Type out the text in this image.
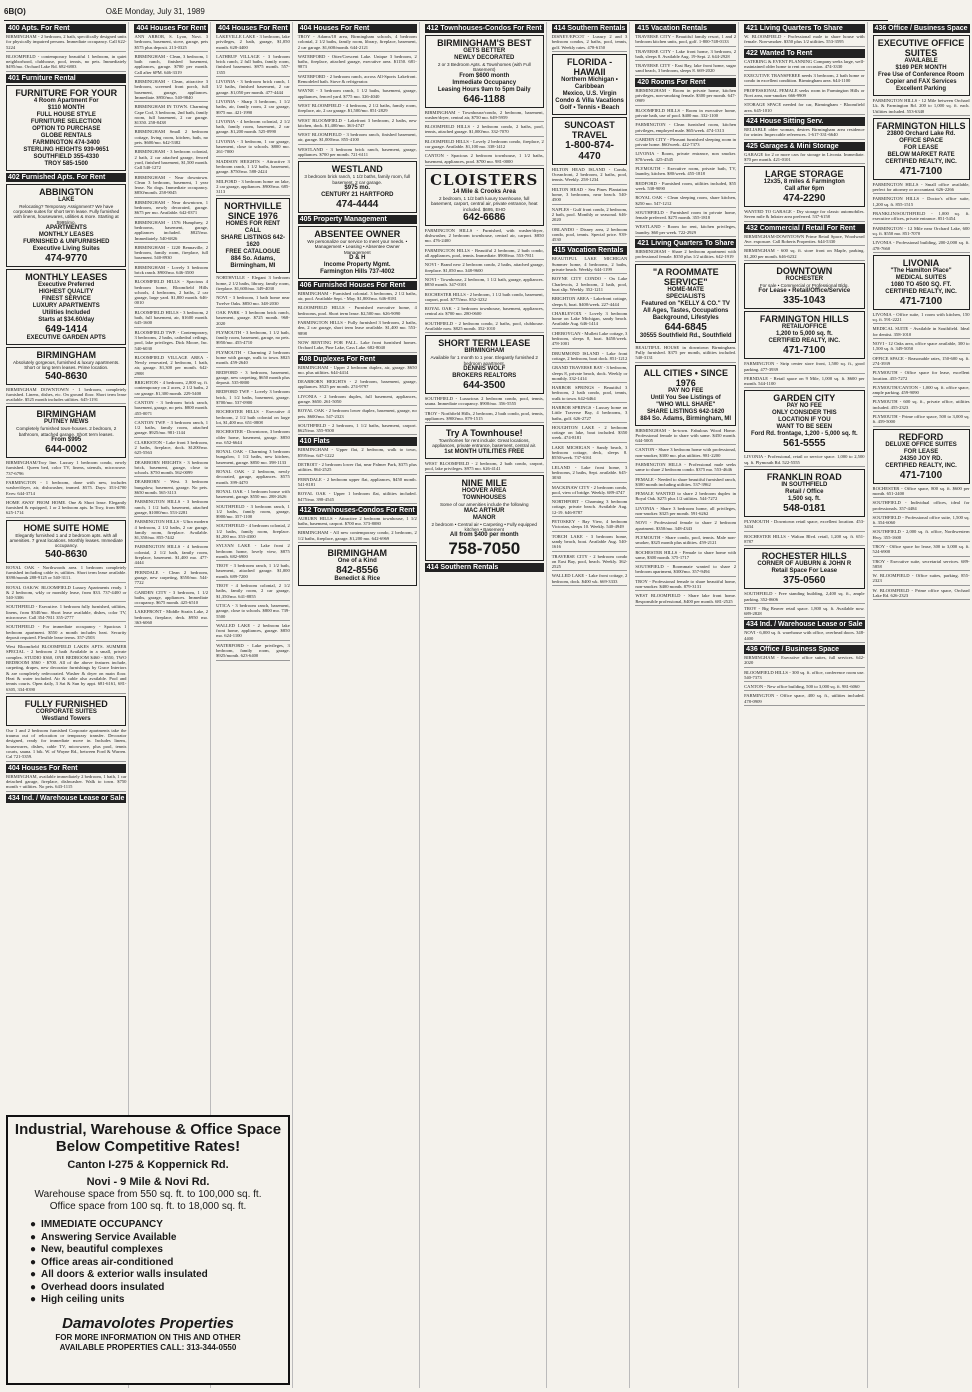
6B(O)	O&E Monday, July 31, 1989
400 Apts. For Rent
BIRMINGHAM - 2 bedroom, 2 bath, specifically designed units for physically impaired persons. Immediate occupancy. Call 622-5224
BLOOMFIELD - contemporary beautiful 1 bedroom, in quiet neighborhood, clubhouse, pool, tennis, no pets. Immediately $495/mo. Orchard Lake Rd. 682-6803
401 Furniture Rental
FURNITURE FOR YOUR
4 Room Apartment For
$110 MONTH
FULL HOUSE STYLE
FURNITURE SELECTION
OPTION TO PURCHASE
GLOBE RENTALS
FARMINGTON 474-3400
STERLING HEIGHTS 939-9651
SOUTHFIELD 355-4330
TROY 585-1500
402 Furnished Apts. For Rent
ABBINGTON
LAKE
Relocating? Temporary Assignment? We have corporate suites for short term lease. Fully furnished with linens, housewares, utilities & more. Starting at $995/mo.
APARTMENTS
MONTHLY LEASES
FURNISHED & UNFURNISHED
Executive Living Suites
474-9770
MONTHLY LEASES
Executive Preferred
HIGHEST QUALITY
FINEST SERVICE
LUXURY APARTMENTS
Utilities Included
Starts at $34.60/day
649-1414
EXECUTIVE GARDEN APTS
BIRMINGHAM
Absolutely gorgeous, furnished & luxury apartments. Short or long term leases. Prime location.
540-8630
BIRMINGHAM DOWNTOWN - 1 bedroom, completely furnished. Linens, dishes, etc. On ground floor. Short term lease available. $525 month includes utilities. 645-1191
BIRMINGHAM
PUTNEY MEWS
Completely furnished town-houses. 2 bedroom, 2 bathroom, attached garage. Short term leases.
From $995
644-0002
BIRMINGHAM/Troy line. Luxury 1 bedroom condo, newly furnished. Queen bed, color TV, linens, utensils, microwave. 737-6796
FARMINGTON - 1 bedroom, done with new, includes washer/dryer, air, dishwasher, immed. $575. Days: 353-4700 Eves: 644-3714
HOME AWAY FROM HOME. One & Short lease. Elegantly furnished & equipped, 1 or 2 bedroom apts. In Troy, from $890. 625-1714
HOME SUITE HOME
Elegantly furnished 1 and 2 bedroom apts. with all amenities. 7 great locations. Monthly leases. Immediate occupancy.
540-8630
ROYAL OAK - Northwoods area. 1 bedroom completely furnished including cable tv, utilities. Short term lease available. $390/month 288-9125 or 540-3111.
ROYAL OAK/W. BLOOMFIELD Luxury Apartments ready. 1 & 2 bedroom, wkly or monthly lease, from $33. 737-4400 or 540-3306
SOUTHFIELD - Executive. 1 bedroom fully furnished, utilities, linens, from $540/mo. Short lease available, dishes, color TV, microwave. Call 354-7811 355-2777
SOUTHFIELD - For immediate occupancy - Spacious 1 bedroom apartment. $550 a month includes heat. Security deposit required. Flexible lease terms. 357-2503
West Bloomfield BLOOMFIELD LAKES APTS. SUMMER SPECIAL - 2 bedroom 2 bath Available in a small, private complex. STUDIO $360, ONE BEDROOM $460 - $550, TWO BEDROOM $560 - $700. All of the above features include, carpeting, drapes, new decorator furnishings by Grace Interiors & are completely redecorated. Washer & dryer on main floor. Heat & water included. Air & cable also available. Pool and tennis courts. Open daily, 3 Sat & Sun by appt. 681-6161, 681-6305, 334-8390
FULLY FURNISHED
CORPORATE SUITES
Westland Towers
Our 1 and 2 bedroom furnished Corporate apartments take the trauma out of relocation or temporary transfer. Decorator designed, ready for immediate move in. Includes linens, housewares, dishes, cable TV, microwave, plus pool, tennis courts, sauna. 1 bik. W. of Wayne Rd., between Ford & Warren. Cal 721-5359.
404 Houses For Rent
BIRMINGHAM, available immediately 2 bedroom, 1 bath, 1 car detached garage, fireplace, dishwasher. Walk to town. $750 month + utilities. No pets. 643-1115
434 Ind. / Warehouse Lease or Sale
404 Houses For Rent
ANN ARBOR, S. Lyon, Novi. 3 bedroom, basement, stove, garage, pets $575 plus deposit. 213-0325
BIRMINGHAM - Clean, 3 bedroom, 1 bath ranch, finished basement, appliances, garage. $700 per month. Call after 6PM. 646-3319
BIRMINGHAM - Clean, attractive 3 bedroom, screened front porch, full basement, garage, appliances. Immediate. $950/mo. 540-9840
BIRMINGHAM IN TOWN. Charming Cape Cod, 3 bedroom, 2nd bath, family room, full basement, 2 car garage. $1350. 258-8438
BIRMINGHAM Small 2 bedroom cottage, living room, kitchen, bath, no pets. $600/mo. 642-5382
BIRMINGHAM - 3 bedroom colonial, 2 bath, 2 car attached garage, fenced yard, finished basement, $1,500 month. Call 540-1272
BIRMINGHAM - Near downtown. Clean 3 bedroom, basement, 1 year lease. No dogs. Immediate occupancy. $850/month. 258-9045
BIRMINGHAM - Near downtown, 1 bedroom, newly decorated, garage. $675 per mo. Available. 642-0371
BIRMINGHAM - 1576 Humphrey, 2 bedrooms, basement, garage, appliances included. $825/mo. Immediately. 540-6826
BIRMINGHAM - 1220 Bennaville, 2 bedroom, family room, fireplace, full basement. 540-8930
BIRMINGHAM - Lovely 3 bedroom brick ranch. $900/mo. 646-3500
BLOOMFIELD HILLS - Spacious 4 bedroom home, Bloomfield Hills schools, 4 bedrooms, 2 baths, 2 car garage, large yard. $1,800 month. 646-0010
BLOOMFIELD HILLS - 3 bedroom, 2 bath, full basement, air, $1600 month. 645-1600
BLOOMFIELD TWP. - Contemporary, 3 bedrooms, 2 baths, cathedral ceilings, pool, lake privileges. Dick Moore, Inc. 540-6030
BLOOMFIELD VILLAGE AREA - Newly renovated, 2 bedroom, 1 bath, air, garage. $1,300 per month. 642-2988
BRIGHTON - 4 bedroom, 2,800 sq. ft. contemporary on 2 acres, 2 1/2 baths, 2 car garage. $1,300 month. 229-5400
CANTON - 3 bedroom brick ranch, basement, garage, no pets. $800 month. 455-0071
CANTON TWP. - 3 bedroom ranch, 1 1/2 baths, family room, attached garage. $925/mo. 981-1144
CLARKSTON - Lake front 3 bedroom, 2 baths, fireplace, dock. $1200/mo. 625-5563
DEARBORN HEIGHTS - 3 bedroom brick, basement, garage, close to schools. $750 month. 562-0099
DEARBORN - West. 3 bedroom bungalow, basement, garage. No pets. $650 month. 565-3113
FARMINGTON HILLS - 3 bedroom ranch, 1 1/2 bath, basement, attached garage, $1000/mo. 553-2281
FARMINGTON HILLS - Ultra modern 4 bedroom, 2 1/2 baths, 2 car garage, family room, fireplace. Available. $1,350/mo. 855-7442
FARMINGTON HILLS - 4 bedroom colonial, 2 1/2 bath, family room, fireplace, basement. $1,400 mo. 477-4444
FERNDALE - Clean 2 bedroom, garage, new carpeting, $550/mo. 544-7722
GARDEN CITY - 3 bedroom, 1 1/2 baths, garage, appliances. Immediate occupancy. $675 month. 425-6510
LAKEFRONT - Middle Straits Lake, 2 bedroom, fireplace, deck. $950 mo. 363-6060
404 Houses For Rent
LAKEVILLE LAKE - 3 bedroom, lake privileges, 2 bath, garage, $1,050 month. 628-4400
LATHRUP VILLAGE - 3 bedroom brick ranch, 2 full baths, family room, finished basement. $975 month. 557-1355
LIVONIA - 3 bedroom brick ranch, 1 1/2 baths, finished basement, 2 car garage. $1,050 per month. 477-4444
LIVONIA - Sharp 3 bedroom, 1 1/2 baths, air, family room, 2 car garage, $975 mo. 421-1990
LIVONIA - 4 bedroom colonial, 2 1/2 bath, family room, basement, 2 car garage. $1,200 month. 525-0990
LIVONIA - 3 bedroom, 1 car garage, basement, close to schools. $800 mo. 261-7000
MADISON HEIGHTS - Attractive 3 bedroom ranch, 1 1/2 baths, basement, garage. $750/mo. 588-2424
MILFORD - 3 bedroom home on lake, 2 car garage, appliances. $900/mo. 685-3113
NORTHVILLE SINCE 1976
HOMES FOR RENT
CALL
SHARE LISTINGS 642-1620
FREE CATALOGUE
884 So. Adams, Birmingham, MI
NORTHVILLE - Elegant 3 bedroom home, 2 1/2 baths, library, family room, fireplace. $1,600/mo. 349-4030
NOVI - 3 bedroom, 1 bath home near Twelve Oaks. $850 mo. 348-2030
OAK PARK - 3 bedroom brick ranch, basement, garage. $725 month. 968-2020
PLYMOUTH - 3 bedroom, 1 1/2 bath, family room, basement, garage, no pets. $950/mo. 455-4710
PLYMOUTH - Charming 2 bedroom home with garage, walk to town. $825 month. 459-2640
REDFORD - 3 bedroom, basement, garage, new carpeting, $650 month plus deposit. 535-8800
REDFORD TWP. - Lovely 3 bedroom brick, 1 1/2 baths, basement, garage. $700/mo. 537-0900
ROCHESTER HILLS - Executive 4 bedroom, 2 1/2 bath colonial on large lot, $1,400 mo. 651-0808
ROCHESTER - Downtown, 3 bedroom older home, basement, garage. $850 mo. 652-6644
ROYAL OAK - Charming 3 bedroom bungalow, 1 1/2 baths, new kitchen, basement, garage. $850 mo. 398-1133
ROYAL OAK - 2 bedroom, newly decorated, garage, appliances. $575 month. 399-4470
ROYAL OAK - 1 bedroom house with basement, garage. $550 mo. 288-2626
SOUTHFIELD - 3 bedroom ranch, 1 1/2 baths, family room, garage, $900/mo. 357-1100
SOUTHFIELD - 4 bedroom colonial, 2 1/2 baths, family room, fireplace. $1,200 mo. 353-4300
SYLVAN LAKE - Lake front 2 bedroom home, lovely view, $875 month. 682-6900
TROY - 3 bedroom ranch, 1 1/2 bath, basement, attached garage. $1,000 month. 689-7200
TROY - 4 bedroom colonial, 2 1/2 baths, family room, 2 car garage, $1,350/mo. 641-8855
UTICA - 3 bedroom ranch, basement, garage, close to schools. $800 mo. 739-5500
WALLED LAKE - 2 bedroom lake front home, appliances, garage. $850 mo. 624-1100
WATERFORD - Lake privileges, 3 bedroom, family room, garage. $925/month. 623-6400
404 Houses For Rent
TROY - Adams/18 area, Birmingham schools, 4 bedroom colonial, 2 1/2 baths, family room, library, fireplace, basement, 2 car garage. $1,600/month. 644-2121
WATERFORD - Otter/Crescent Lake. Unique 3 bedroom, 2 baths, fireplace, attached garage, executive area. $1150. 681-9873
WATERFORD - 2 bedroom ranch, across All-Sports Lakefront. Remodeled bath. Stove & refrigerator.
WAYNE - 3 bedroom ranch, 1 1/2 baths, basement, garage, appliances, fenced yard. $775 mo. 326-4040
WEST BLOOMFIELD - 4 bedroom, 2 1/2 baths, family room, fireplace, air, 2 car garage. $1,500/mo. 851-2829
WEST BLOOMFIELD - Lakefront 3 bedroom, 2 baths, new kitchen, dock. $1,400/mo. 363-4747
WEST BLOOMFIELD - 3 bedroom ranch, finished basement, air, garage. $1,000/mo. 855-4100
WESTLAND - 3 bedroom brick ranch, basement, garage, appliances. $700 per month. 721-6111
WESTLAND
3 bedroom brick ranch, 1 1/2 baths, family room, full basement, 2 car garage.
$975 mo.
CENTURY 21 HARTFORD
474-4444
405 Property Management
ABSENTEE OWNER
We personalize our service to meet your needs. • Management • Leasing • Absentee Owner Management
D & H
Income Property Mgmt.
Farmington Hills 737-4002
406 Furnished Houses For Rent
BIRMINGHAM - Furnished colonial. 3 bedrooms, 2 1/2 baths, air, pool. Available Sept. - May. $1,800/mo. 646-8181
BLOOMFIELD HILLS - Furnished executive home, 4 bedrooms, pool. Short term lease. $2,500 mo. 626-9090
FARMINGTON HILLS - Fully furnished 3 bedroom, 2 baths, den, 2 car garage, short term lease available. $1,400 mo. 553-9898
NOW RENTING FOR FALL. Lake front furnished homes. Orchard Lake, Pine Lake, Cass Lake. 682-8040
408 Duplexes For Rent
BIRMINGHAM - Upper 2 bedroom duplex, air, garage. $650 mo. plus utilities. 644-4414
DEARBORN HEIGHTS - 2 bedroom, basement, garage, appliances. $525 per month. 274-9797
LIVONIA - 2 bedroom duplex, full basement, appliances, garage. $650. 261-5050
ROYAL OAK - 2 bedroom lower duplex, basement, garage, no pets. $600/mo. 547-2323
SOUTHFIELD - 2 bedroom, 1 1/2 baths, basement, carport. $625/mo. 355-9500
410 Flats
BIRMINGHAM - Upper flat, 2 bedroom, walk to town, $595/mo. 647-1222
DETROIT - 2 bedroom lower flat, near Palmer Park, $375 plus utilities. 864-2525
FERNDALE - 2 bedroom upper flat, appliances, $450 month. 541-8181
ROYAL OAK - Upper 1 bedroom flat, utilities included. $475/mo. 398-4545
412 Townhouses-Condos For Rent
AUBURN HILLS - Attractive 2 bedroom townhouse, 1 1/2 baths, basement, carport. $700 mo. 373-8080
BIRMINGHAM - All new contemporary condo, 2 bedroom, 2 1/2 baths, fireplace, garage. $1,200 mo. 642-6969
BIRMINGHAM
One of a Kind
842-8556
Benedict & Rice
412 Townhouses-Condos For Rent
BIRMINGHAM'S BEST
GETS BETTER
NEWLY DECORATED
2 or 3 Bedroom Apts. & Townhomes (with Full Basement)
From $600 month
Immediate Occupancy
Leasing Hours 9am to 5pm Daily
646-1188
BIRMINGHAM - Townhouse/condo, 2 bedroom, basement, washer/dryer, central air, $750 mo. 649-5959
BLOOMFIELD HILLS - 2 bedroom condo, 2 baths, pool, tennis, attached garage. $1,000/mo. 332-7070
BLOOMFIELD HILLS - Lovely 2 bedroom condo, fireplace, 2 car garage. Available. $1,100 mo. 338-1412
CANTON - Spacious 2 bedroom townhouse, 1 1/2 baths, basement, appliances, pool. $700 mo. 981-0000
CLOISTERS
14 Mile & Crooks Area
2 bedroom, 1 1/2 bath luxury townhouse, full basement, carport, central air, private entrance, heat included. $695, EHO
642-6686
FARMINGTON HILLS - Furnished, with washer/dryer, dishwasher, 2 bedroom townhouse, central air, carport. $850 mo. 476-2400
FARMINGTON HILLS - Beautiful 2 bedroom, 2 bath condo, all appliances, pool, tennis. Immediate. $900/mo. 553-7811
NOVI - Brand new 2 bedroom condo, 2 baths, attached garage, fireplace. $1,050 mo. 348-9600
NOVI - Townhouse, 2 bedroom, 1 1/2 bath, garage, appliances. $850 month. 347-0101
ROCHESTER HILLS - 2 bedroom, 1 1/2 bath condo, basement, carport, pool. $775/mo. 852-3232
ROYAL OAK - 2 bedroom townhouse, basement, appliances, central air. $700 mo. 280-0600
SOUTHFIELD - 2 bedroom condo, 2 baths, pool, clubhouse. Available now. $825 month. 352-1010
SHORT TERM LEASE
BIRMINGHAM
Available for 1 month to 1 year. Elegantly furnished 2 bedroom apartment.
DENNIS WOLF
BROKERS REALTORS
644-3500
SOUTHFIELD - Luxurious 2 bedroom condo, pool, tennis, sauna. Immediate occupancy. $900/mo. 356-5555
TROY - Northfield Hills, 2 bedroom, 2 bath condo, pool, tennis, appliances. $900/mo. 879-1515
Try A Townhouse!
Townhomes for rent include: Great locations, appliances, private entrance, basement, central air.
1st MONTH UTILITIES FREE
WEST BLOOMFIELD - 2 bedroom, 2 bath condo, carport, pool, lake privileges. $975 mo. 626-4141
NINE MILE
HOOVER AREA
TOWNHOUSES
Some of our amenities include the following
MAC ARTHUR
MANOR
2 bedroom • Central air • Carpeting • Fully equipped kitchen • Basement
All from $400 per month
758-7050
414 Southern Rentals
414 Southern Rentals
DISNEY/EPCOT - Luxury 2 and 3 bedroom condos, 2 baths, pool, tennis, golf. Weekly rates. 478-6150
FLORIDA - HAWAII
Northern Michigan • Caribbean
Mexico, U.S. Virgin
Condo & Villa Vacations
Golf • Tennis • Beach
SUNCOAST TRAVEL
1-800-874-4470
HILTON HEAD ISLAND - Condo, Oceanfront, 2 bedroom, 2 baths, pool, tennis. Weekly. 258-1234
HILTON HEAD - Sea Pines Plantation home, 3 bedrooms, near beach. 540-4500
NAPLES - Gulf front condo, 2 bedroom, 2 bath, pool. Monthly or seasonal. 646-2020
ORLANDO - Disney area, 2 bedroom condo, pool, tennis. Special price. 939-4530
415 Vacation Rentals
BEAUTIFUL LAKE MICHIGAN Summer home, 4 bedrooms, 2 baths, private beach. Weekly. 644-1199
BOYNE CITY CONDO - On Lake Charlevoix, 2 bedroom, 2 bath, pool, boat slip. Weekly. 352-1211
BRIGHTON AREA - Lakefront cottage, sleeps 6, boat. $400/week. 227-4444
CHARLEVOIX - Lovely 3 bedroom home on Lake Michigan, sandy beach. Available Aug. 646-1414
CHEBOYGAN - Mullett Lake cottage, 3 bedroom, sleeps 8, boat. $450/week. 478-1001
DRUMMOND ISLAND - Lake front cottage, 2 bedroom, boat dock. 851-1212
GRAND TRAVERSE BAY - 3 bedroom, sleeps 8, private beach, dock. Weekly or monthly. 332-1414
HARBOR SPRINGS - Beautiful 3 bedroom, 2 bath condo, pool, tennis, walk to town. 642-6464
HARBOR SPRINGS - Luxury home on Little Traverse Bay, 4 bedrooms, 3 baths, golf. 626-2727
HOUGHTON LAKE - 2 bedroom cottage on lake, boat included. $350 week. 474-8181
LAKE MICHIGAN - Sandy beach, 3 bedroom cottage, deck, sleeps 8. $550/week. 737-6161
LELAND - Lake front home, 3 bedrooms, 2 baths, Sept. available. 645-3030
MACKINAW CITY - 2 bedroom condo, pool, view of bridge. Weekly. 689-4747
NORTHPORT - Charming 3 bedroom cottage, private beach. Available Aug. 12-19. 646-8787
PETOSKEY - Bay View, 4 bedroom Victorian, sleeps 10. Weekly. 540-4949
TORCH LAKE - 3 bedroom home, sandy beach, boat. Available Aug. 540-1616
TRAVERSE CITY - 2 bedroom condo on East Bay, pool, beach. Weekly. 362-2525
WALLED LAKE - Lake front cottage, 2 bedroom, dock. $400 wk. 669-3333
415 Vacation Rentals
TRAVERSE CITY - Beautiful family resort, 1 and 2 bedroom kitchen units, pool, golf. 1-800-748-0133
TRAVERSE CITY - Lake front home, 3 bedroom, 2 bath, sleeps 8. Available Aug. 19-Sept. 2. 644-2928
TRAVERSE CITY - East Bay, lake front home, sugar sand beach, 3 bedroom, sleeps 8. 669-2020
420 Rooms For Rent
BIRMINGHAM - Room in private home, kitchen privileges, non-smoking female. $300 per month. 647-0909
BLOOMFIELD HILLS - Room in executive home, private bath, use of pool. $400 mo. 332-1100
FARMINGTON - Clean furnished room, kitchen privileges, employed male. $65/week. 474-1313
GARDEN CITY - Pleasant furnished sleeping room in private home. $60/week. 422-7373
LIVONIA - Room, private entrance, non smoker. $70/week. 425-4545
PLYMOUTH - Executive room, private bath, TV, laundry, kitchen. $80/week. 455-1818
REDFORD - Furnished room, utilities included, $55 week. 538-9090
ROYAL OAK - Clean sleeping room, share kitchen, $250 mo. 547-1212
SOUTHFIELD - Furnished room in private home, female preferred. $275 month. 355-1818
WESTLAND - Room for rent, kitchen privileges, laundry. $60 per week. 722-2929
421 Living Quarters To Share
BIRMINGHAM - Share 2 bedroom apartment with professional female. $350 plus 1/2 utilities. 642-1919
"A ROOMMATE SERVICE"
HOME-MATE
SPECIALISTS
Featured on "KELLY & CO." TV
All Ages, Tastes, Occupations
Background, Lifestyles
644-6845
30555 Southfield Rd., Southfield
BEAUTIFUL HOUSE in downtown Birmingham. Fully furnished. $375 per month, utilities included. 540-3131
ALL CITIES • SINCE 1976
PAY NO FEE
Until You See Listings of
"WHO WILL SHARE"
SHARE LISTINGS 642-1620
884 So. Adams, Birmingham, MI
BIRMINGHAM - In-town. Fabulous Wood Home. Professional female to share with same. $450 month. 644-5005
CANTON - Share 3 bedroom home with professional, non-smoker, $300 mo. plus utilities. 981-2200
FARMINGTON HILLS - Professional male seeks same to share 2 bedroom condo. $375 mo. 553-4646
FEMALE - Needed to share beautiful furnished ranch, $300 month including utilities. 537-3962
FEMALE WANTED to share 2 bedroom duplex in Royal Oak. $275 plus 1/2 utilities. 544-7272
LIVONIA - Share 3 bedroom home, all privileges, non-smoker. $325 per month. 591-6262
NOVI - Professional female to share 2 bedroom apartment. $350/mo. 348-4343
PLYMOUTH - Share condo, pool, tennis. Male non-smoker, $325 month plus utilities. 459-2121
ROCHESTER HILLS - Female to share home with same, $300 month. 375-1717
SOUTHFIELD - Roommate wanted to share 2 bedroom apartment, $300/mo. 357-9494
TROY - Professional female to share beautiful home, non-smoker. $400 month. 879-3131
WEST BLOOMFIELD - Share lake front home. Responsible professional, $400 per month. 681-2525
421 Living Quarters To Share
W. BLOOMFIELD - Professional male to share house with female. Non-smoker. $350 plus 1/2 utilities. 553-3595
422 Wanted To Rent
CATERING & EVENT PLANNING Company seeks large, well-maintained older home to rent on occasion. 474-3330
EXECUTIVE TRANSFEREE needs 3 bedroom, 2 bath home or condo in excellent condition. Birmingham area. 644-1100
PROFESSIONAL FEMALE seeks room in Farmington Hills or Novi area, non-smoker. 666-9909
STORAGE SPACE needed for car, Birmingham - Bloomfield area. 645-1010
424 House Sitting Serv.
RELIABLE older woman, desires Birmingham area residence for winter. Impeccable references. 1-617-331-6640
425 Garages & Mini Storage
GARAGE for 2 or more cars for storage in Livonia. Immediate. $70 per month. 421-0101
LARGE STORAGE
12x35, 8 miles & Farmington
Call after 6pm
474-2290
WANTED TO GARAGE - Dry storage for classic automobiles. Seven mile & Inkster area preferred. 537-6158
432 Commercial / Retail For Rent
BIRMINGHAM-DOWNTOWN Prime Retail Space, Woodward Ave. exposure. Call Roberts Properties. 644-5330
BIRMINGHAM - 600 sq. ft. store front on Maple, parking. $1,200 per month. 646-6232
DOWNTOWN
ROCHESTER
For sale • Commercial or Professional Bldg.
For Lease • Retail/Office/Service
335-1043
FARMINGTON HILLS
RETAIL/OFFICE
1,200 to 5,000 sq. ft.
CERTIFIED REALTY, INC.
471-7100
FARMINGTON - Strip center store front, 1,500 sq. ft., good parking. 477-3939
FERNDALE - Retail space on 9 Mile, 1,000 sq. ft. $600 per month. 544-1100
GARDEN CITY
PAY NO FEE
ONLY CONSIDER THIS
LOCATION IF YOU
WANT TO BE SEEN
Ford Rd. frontage, 1,200 - 5,000 sq. ft.
561-5555
LIVONIA - Professional, retail or service space. 1,000 to 2,500 sq. ft. Plymouth Rd. 522-5555
FRANKLIN ROAD
IN SOUTHFIELD
Retail / Office
1,500 sq. ft.
548-0181
PLYMOUTH - Downtown retail space, excellent location. 453-3434
ROCHESTER HILLS - Walton Blvd. retail, 1,200 sq. ft. 651-8787
ROCHESTER HILLS
CORNER OF AUBURN & JOHN R
Retail Space For Lease
375-0560
SOUTHFIELD - Free standing building, 2,400 sq. ft., ample parking. 352-0606
TROY - Big Beaver retail space. 1,800 sq. ft. Available now. 689-2828
434 Ind. / Warehouse Lease or Sale
NOVI - 6,000 sq. ft. warehouse with office, overhead doors. 348-4400
436 Office / Business Space
BIRMINGHAM - Executive office suites, full services. 642-2020
BLOOMFIELD HILLS - 300 sq. ft. office, conference room use. 540-7373
CANTON - New office building, 500 to 3,000 sq. ft. 981-6060
FARMINGTON - Office space, 400 sq. ft., utilities included. 478-0909
436 Office / Business Space
EXECUTIVE OFFICE SUITES
AVAILABLE
$169 PER MONTH
Free Use of Conference Room
Copier and FAX Services
Excellent Parking
FARMINGTON HILLS - 12 Mile between Orchard Lk. & Farmington Rd. 200 to 1,000 sq. ft. each. Utilities included. 553-6340
FARMINGTON HILLS
23800 Orchard Lake Rd.
OFFICE SPACE
FOR LEASE
BELOW MARKET RATE
CERTIFIED REALTY, INC.
471-7100
FARMINGTON HILLS - Small office available, perfect for attorney or accountant. 626-2266
FARMINGTON HILLS - Doctor's office suite, 1,200 sq. ft. 855-1515
FRANKLIN/SOUTHFIELD - 1,000 sq. ft. executive offices, private entrance. 851-5454
FARMINGTON - 12 Mile near Orchard Lake, 600 sq. ft. $550 mo. 851-7070
LIVONIA - Professional building, 200-2,000 sq. ft. 478-7660
LIVONIA
"The Hamilton Place"
MEDICAL SUITES
1080 TO 4500 SQ. FT.
CERTIFIED REALTY, INC.
471-7100
LIVONIA - Office suite, 1 room with kitchen, 150 sq. ft. 591-2221
MEDICAL SUITE - Available in Southfield. Ideal for dentist. 358-1010
NOVI - 12 Oaks area, office space available, 300 to 1,500 sq. ft. 349-5050
OFFICE SPACE - Reasonable rates, 150-600 sq. ft. 274-3939
PLYMOUTH - Office space for lease, excellent location. 455-7272
PLYMOUTH/CANTON - 1,000 sq. ft. office space, ample parking. 459-9090
PLYMOUTH - 600 sq. ft., private office, utilities included. 455-2323
PLYMOUTH - Prime office space, 500 to 3,000 sq. ft. 459-5000
REDFORD
DELUXE OFFICE SUITES
FOR LEASE
24350 JOY RD.
CERTIFIED REALTY, INC.
471-7100
ROCHESTER - Office space, 800 sq. ft. $600 per month. 651-2400
SOUTHFIELD - Individual offices, ideal for professionals. 357-4484
SOUTHFIELD - Professional office suite, 1,500 sq. ft. 354-6060
SOUTHFIELD - 2,000 sq. ft. office, Northwestern Hwy. 355-1600
TROY - Office space for lease, 300 to 3,000 sq. ft. 524-6900
TROY - Executive suite, secretarial services. 689-5858
W. BLOOMFIELD - Office suites, parking. 855-2323
W. BLOOMFIELD - Prime office space, Orchard Lake Rd. 626-2323
Industrial, Warehouse & Office Space
Below Competitive Rates!
Canton I-275 & Koppernick Rd.
Novi - 9 Mile & Novi Rd.
Warehouse space from 550 sq. ft. to 100,000 sq. ft.
Office space from 100 sq. ft. to 18,000 sq. ft.
● IMMEDIATE OCCUPANCY
● Answering Service Available
● New, beautiful complexes
● Office areas air-conditioned
● All doors & exterior walls insulated
● Overhead doors insulated
● High ceiling units
Damavolotes Properties
FOR MORE INFORMATION ON THIS AND OTHER
AVAILABLE PROPERTIES CALL: 313-344-0550
